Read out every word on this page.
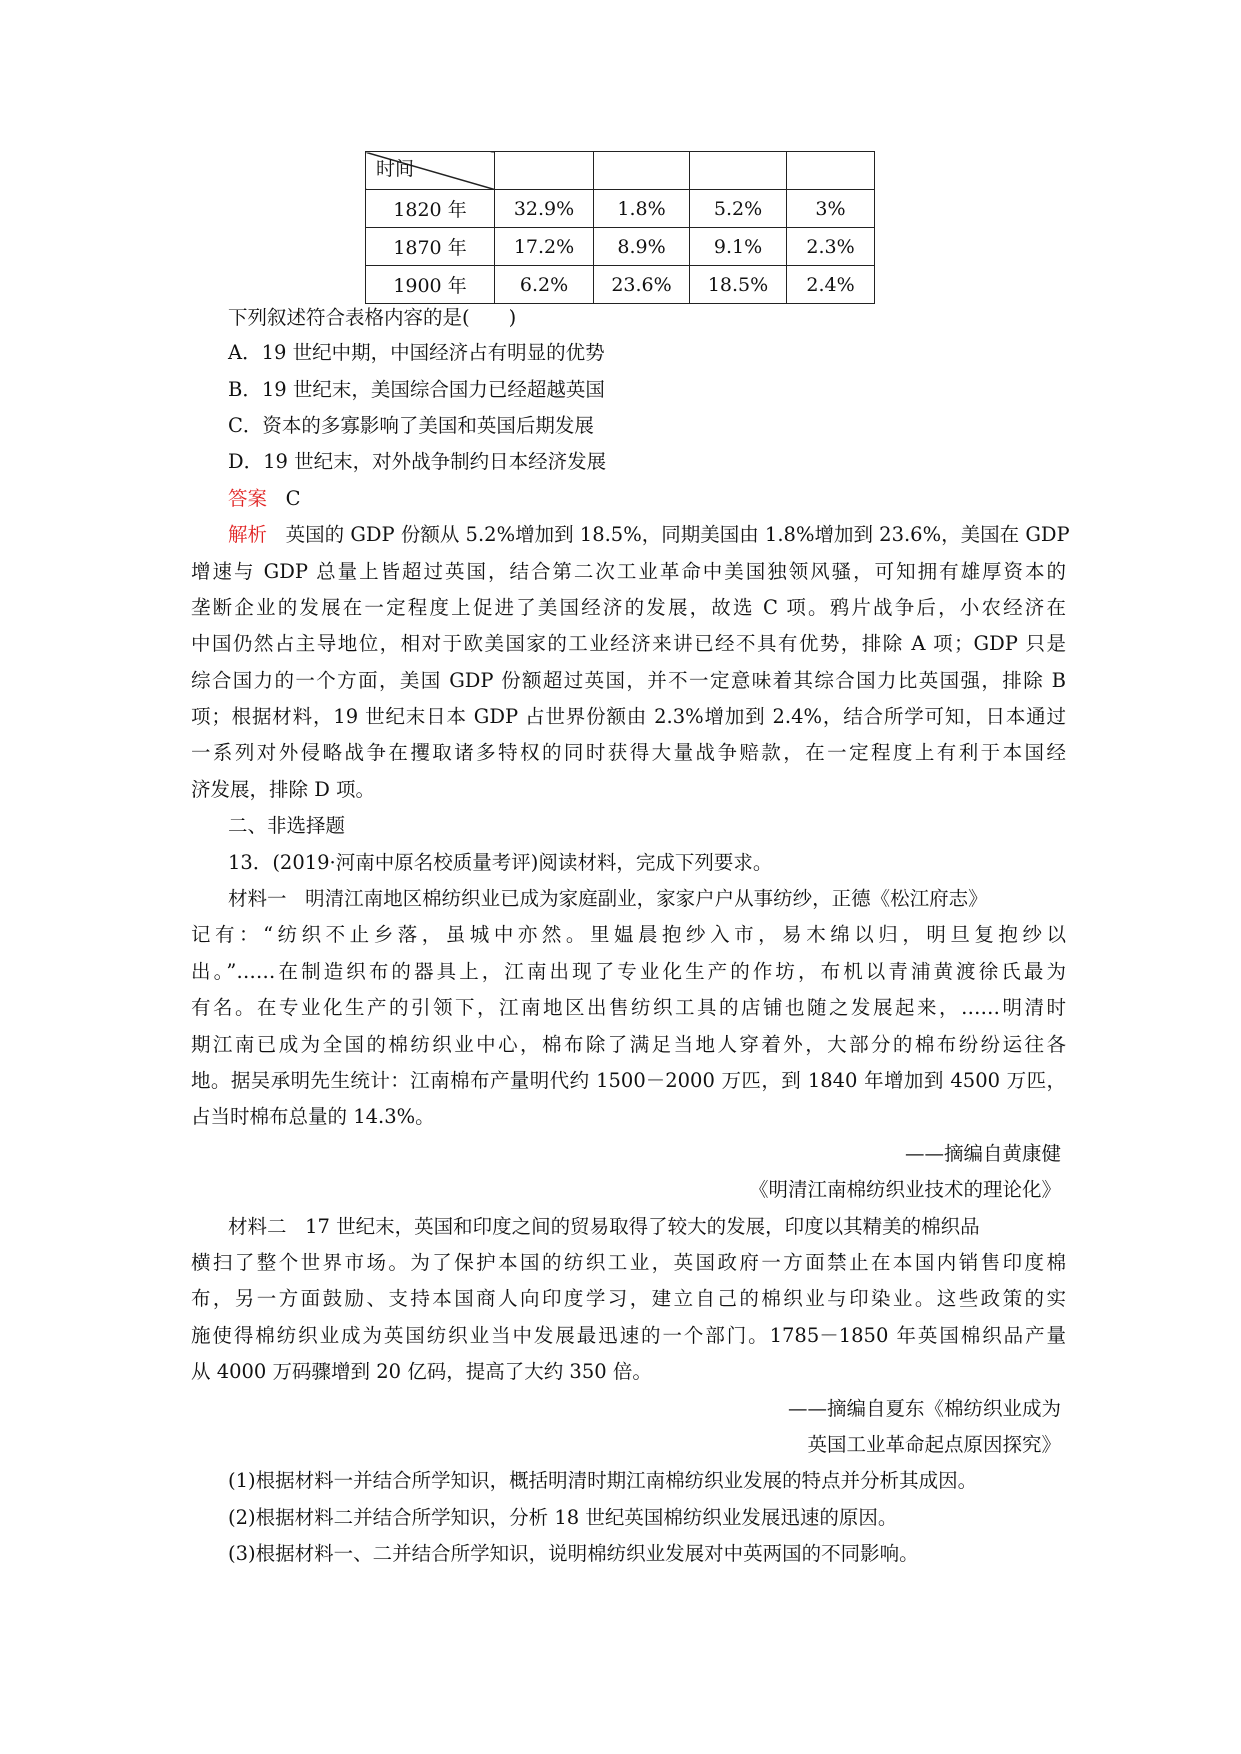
时间				

1820 年	32.9%	1.8%	5.2%	3%
1870 年	17.2%	8.9%	9.1%	2.3%
1900 年	6.2%	23.6%	18.5%	2.4%
下列叙述符合表格内容的是(　　)
A．19 世纪中期，中国经济占有明显的优势
B．19 世纪末，美国综合国力已经超越英国
C．资本的多寡影响了美国和英国后期发展
D．19 世纪末，对外战争制约日本经济发展
答案 C
解析 英国的 GDP 份额从 5.2%增加到 18.5%，同期美国由 1.8%增加到 23.6%，美国在 GDP
增速与 GDP 总量上皆超过英国，结合第二次工业革命中美国独领风骚，可知拥有雄厚资本的
垄断企业的发展在一定程度上促进了美国经济的发展，故选 C 项。鸦片战争后，小农经济在
中国仍然占主导地位，相对于欧美国家的工业经济来讲已经不具有优势，排除 A 项；GDP 只是
综合国力的一个方面，美国 GDP 份额超过英国，并不一定意味着其综合国力比英国强，排除 B
项；根据材料，19 世纪末日本 GDP 占世界份额由 2.3%增加到 2.4%，结合所学可知，日本通过
一系列对外侵略战争在攫取诸多特权的同时获得大量战争赔款，在一定程度上有利于本国经
济发展，排除 D 项。
二、非选择题
13．(2019·河南中原名校质量考评)阅读材料，完成下列要求。
材料一 明清江南地区棉纺织业已成为家庭副业，家家户户从事纺纱，正德《松江府志》
记有：“纺织不止乡落，虽城中亦然。里媪晨抱纱入市，易木绵以归，明旦复抱纱以
出。”……在制造织布的器具上，江南出现了专业化生产的作坊，布机以青浦黄渡徐氏最为
有名。在专业化生产的引领下，江南地区出售纺织工具的店铺也随之发展起来，……明清时
期江南已成为全国的棉纺织业中心，棉布除了满足当地人穿着外，大部分的棉布纷纷运往各
地。据吴承明先生统计：江南棉布产量明代约 1500－2000 万匹，到 1840 年增加到 4500 万匹，
占当时棉布总量的 14.3%。
——摘编自黄康健
《明清江南棉纺织业技术的理论化》
材料二 17 世纪末，英国和印度之间的贸易取得了较大的发展，印度以其精美的棉织品
横扫了整个世界市场。为了保护本国的纺织工业，英国政府一方面禁止在本国内销售印度棉
布，另一方面鼓励、支持本国商人向印度学习，建立自己的棉织业与印染业。这些政策的实
施使得棉纺织业成为英国纺织业当中发展最迅速的一个部门。1785－1850 年英国棉织品产量
从 4000 万码骤增到 20 亿码，提高了大约 350 倍。
——摘编自夏东《棉纺织业成为
英国工业革命起点原因探究》
(1)根据材料一并结合所学知识，概括明清时期江南棉纺织业发展的特点并分析其成因。
(2)根据材料二并结合所学知识，分析 18 世纪英国棉纺织业发展迅速的原因。
(3)根据材料一、二并结合所学知识，说明棉纺织业发展对中英两国的不同影响。
